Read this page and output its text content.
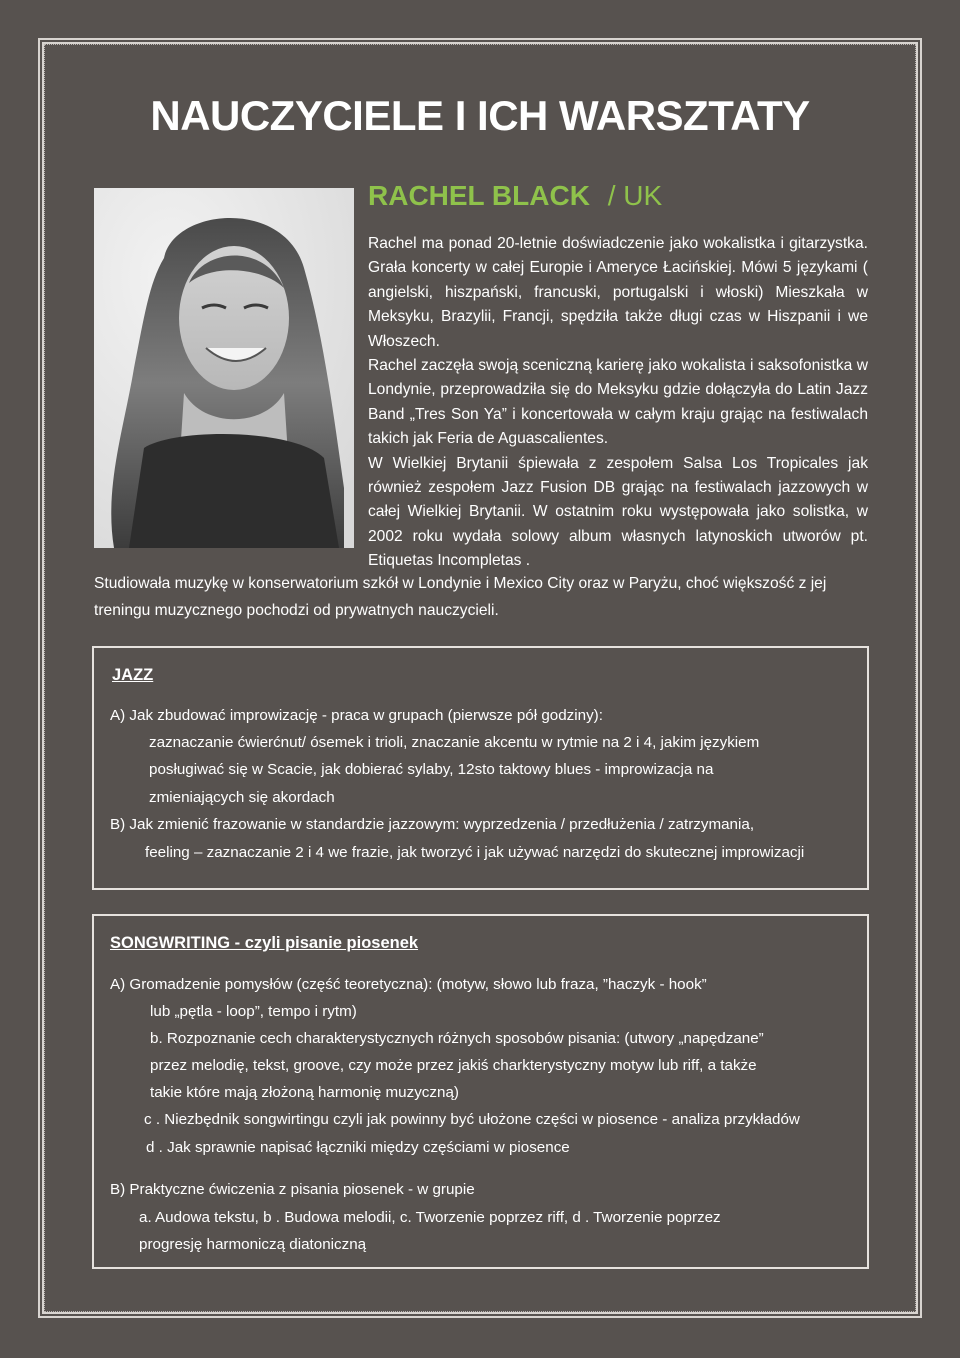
NAUCZYCIELE I ICH WARSZTATY
RACHEL BLACK / UK

Rachel ma ponad 20-letnie doświadczenie jako wokalistka i gitarzystka. Grała koncerty w całej Europie i Ameryce Łacińskiej. Mówi 5 językami ( angielski, hiszpański, francuski, portugalski i włoski) Mieszkała w Meksyku, Brazylii, Francji, spędziła także długi czas w Hiszpanii i we Włoszech.

Rachel zaczęła swoją sceniczną karierę jako wokalista i saksofonistka w Londynie, przeprowadziła się do Meksyku gdzie dołączyła do Latin Jazz Band „Tres Son Ya” i koncertowała w całym kraju grając na festiwalach takich jak Feria de Aguascalientes.

W Wielkiej Brytanii śpiewała z zespołem Salsa Los Tropicales jak również zespołem Jazz Fusion DB grając na festiwalach jazzowych w całej Wielkiej Brytanii. W ostatnim roku występowała jako solistka, w 2002 roku wydała solowy album własnych latynoskich utworów pt. Etiquetas Incompletas .

Studiowała muzykę w konserwatorium szkół w Londynie i Mexico City oraz w Paryżu, choć większość z jej treningu muzycznego pochodzi od prywatnych nauczycieli.
JAZZ
A) Jak zbudować improwizację - praca w grupach (pierwsze pół godziny):
zaznaczanie ćwierćnut/ ósemek i trioli, znaczanie akcentu w rytmie na 2 i 4, jakim językiem
posługiwać się w Scacie, jak dobierać sylaby, 12sto taktowy blues - improwizacja na
zmieniających się akordach
B) Jak zmienić frazowanie w standardzie jazzowym: wyprzedzenia / przedłużenia / zatrzymania,
feeling – zaznaczanie 2 i 4 we frazie, jak tworzyć i jak używać narzędzi do skutecznej improwizacji
SONGWRITING - czyli pisanie piosenek
A) Gromadzenie pomysłów (część teoretyczna): (motyw, słowo lub fraza, ”haczyk - hook”
lub „pętla - loop”, tempo i rytm)
b. Rozpoznanie cech charakterystycznych różnych sposobów pisania: (utwory „napędzane”
przez melodię, tekst, groove, czy może przez jakiś charkterystyczny motyw lub riff, a także
takie które mają złożoną harmonię muzyczną)
c . Niezbędnik songwirtingu czyli jak powinny być ułożone części w piosence - analiza przykładów
d . Jak sprawnie napisać łączniki między częściami w piosence
B) Praktyczne ćwiczenia z pisania piosenek - w grupie
a. Audowa tekstu, b . Budowa melodii, c. Tworzenie poprzez riff, d . Tworzenie poprzez
progresję harmoniczą diatoniczną
